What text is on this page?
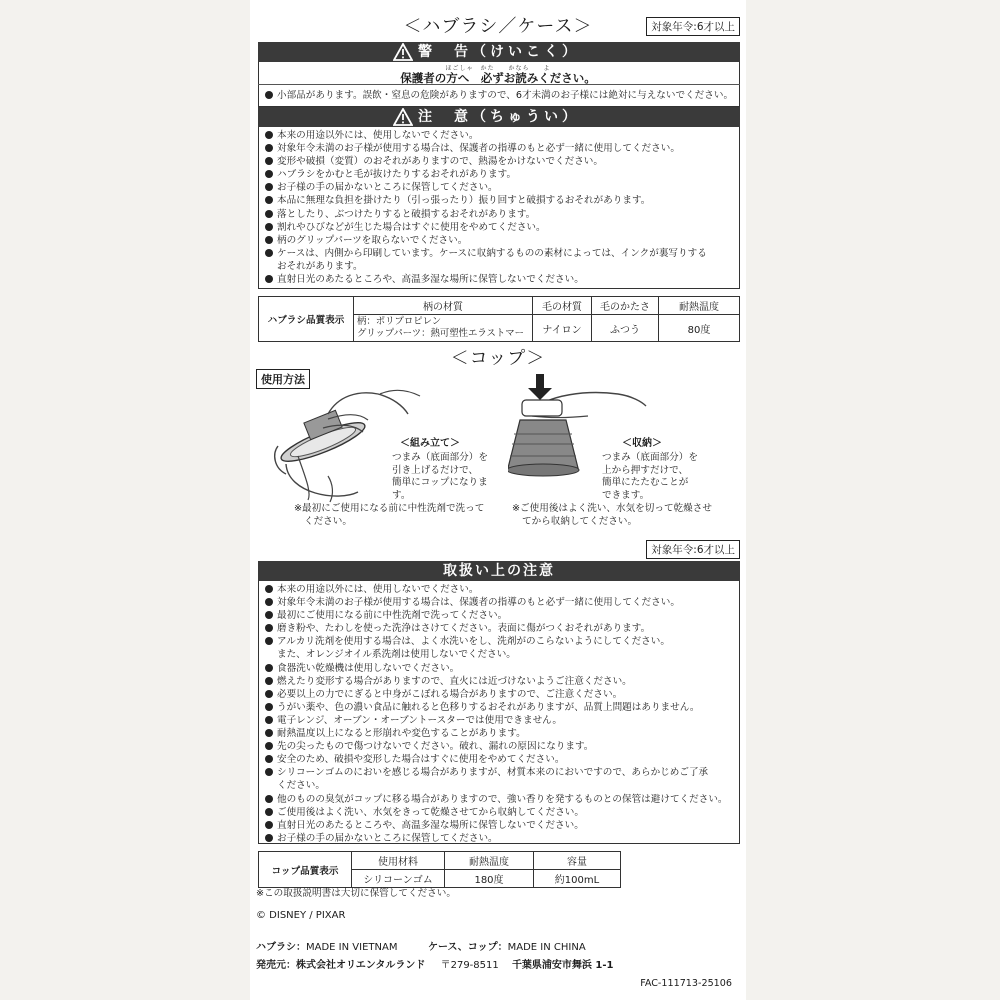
＜ハブラシ／ケース＞	対象年令:6才以上
警　告（けいこく）
ほごしゃ　かた　　かなら　　よ
保護者の方へ　必ずお読みください。
小部品があります。誤飲・窒息の危険がありますので、6才未満のお子様には絶対に与えないでください。
注　意（ちゅうい）
本来の用途以外には、使用しないでください。
対象年令未満のお子様が使用する場合は、保護者の指導のもと必ず一緒に使用してください。
変形や破損（変質）のおそれがありますので、熱湯をかけないでください。
ハブラシをかむと毛が抜けたりするおそれがあります。
お子様の手の届かないところに保管してください。
本品に無理な負担を掛けたり（引っ張ったり）振り回すと破損するおそれがあります。
落としたり、ぶつけたりすると破損するおそれがあります。
割れやひびなどが生じた場合はすぐに使用をやめてください。
柄のグリップパーツを取らないでください。
ケースは、内側から印刷しています。ケースに収納するものの素材によっては、インクが裏写りする
おそれがあります。
直射日光のあたるところや、高温多湿な場所に保管しないでください。
ハブラシ品質表示	柄の材質	毛の材質	毛のかたさ	耐熱温度

	柄：ポリプロピレン
グリップパーツ：熱可塑性エラストマー	ナイロン	ふつう	80度

＜コップ＞
使用方法
＜組み立て＞
つまみ（底面部分）を
引き上げるだけで、
簡単にコップになりま
す。
※最初にご使用になる前に中性洗剤で洗って
ください。
＜収納＞
つまみ（底面部分）を
上から押すだけで、
簡単にたたむことが
できます。
※ご使用後はよく洗い、水気を切って乾燥させ
てから収納してください。
対象年令:6才以上
取扱い上の注意
本来の用途以外には、使用しないでください。
対象年令未満のお子様が使用する場合は、保護者の指導のもと必ず一緒に使用してください。
最初にご使用になる前に中性洗剤で洗ってください。
磨き粉や、たわしを使った洗浄はさけてください。表面に傷がつくおそれがあります。
アルカリ洗剤を使用する場合は、よく水洗いをし、洗剤がのこらないようにしてください。
また、オレンジオイル系洗剤は使用しないでください。
食器洗い乾燥機は使用しないでください。
燃えたり変形する場合がありますので、直火には近づけないようご注意ください。
必要以上の力でにぎると中身がこぼれる場合がありますので、ご注意ください。
うがい薬や、色の濃い食品に触れると色移りするおそれがありますが、品質上問題はありません。
電子レンジ、オーブン・オーブントースターでは使用できません。
耐熱温度以上になると形崩れや変色することがあります。
先の尖ったもので傷つけないでください。破れ、漏れの原因になります。
安全のため、破損や変形した場合はすぐに使用をやめてください。
シリコーンゴムのにおいを感じる場合がありますが、材質本来のにおいですので、あらかじめご了承
ください。
他のものの臭気がコップに移る場合がありますので、強い香りを発するものとの保管は避けてください。
ご使用後はよく洗い、水気をきって乾燥させてから収納してください。
直射日光のあたるところや、高温多湿な場所に保管しないでください。
お子様の手の届かないところに保管してください。
コップ品質表示	使用材料	耐熱温度	容量
	シリコーンゴム	180度	約100mL
※この取扱説明書は大切に保管してください。
© DISNEY / PIXAR
ハブラシ：MADE IN VIETNAM	ケース、コップ：MADE IN CHINA
発売元：株式会社オリエンタルランド 〒279-8511 千葉県浦安市舞浜 1-1
FAC-111713-25106
